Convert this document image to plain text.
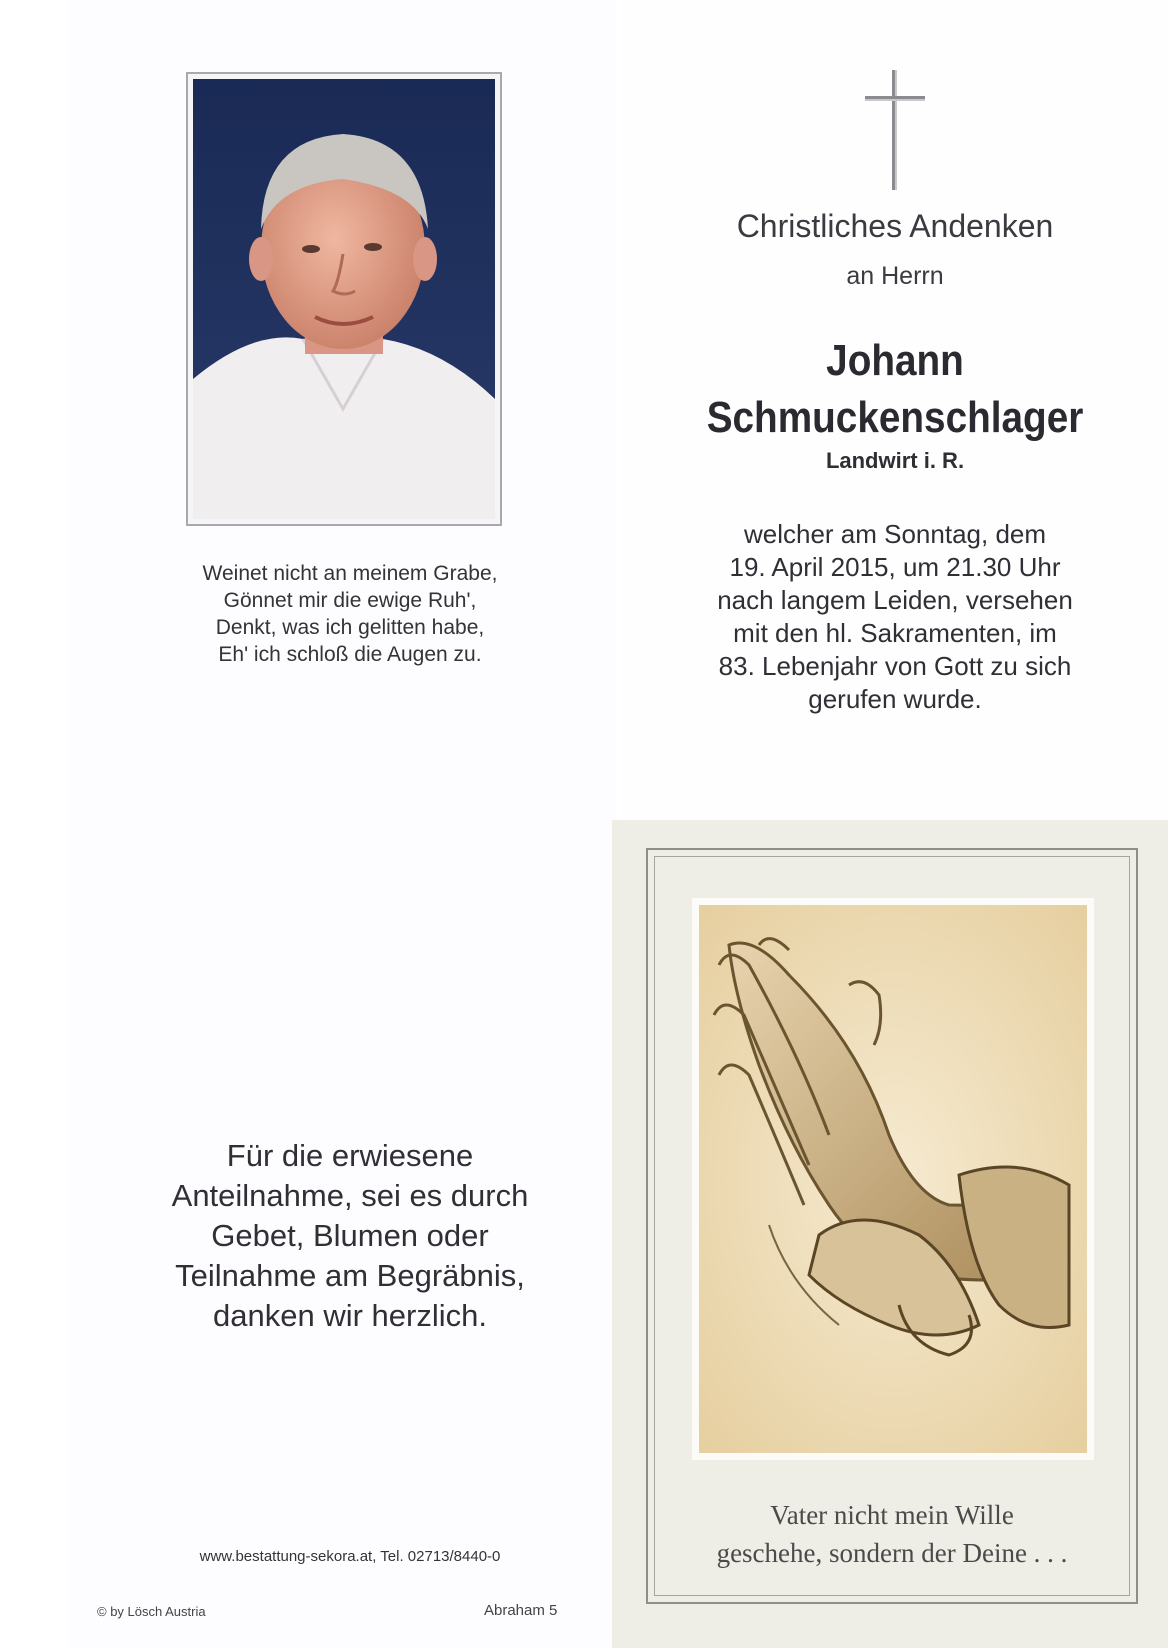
Weinet nicht an meinem Grabe,
Gönnet mir die ewige Ruh',
Denkt, was ich gelitten habe,
Eh' ich schloß die Augen zu.
Christliches Andenken
an Herrn
Johann
Schmuckenschlager
Landwirt i. R.
welcher am Sonntag, dem
19. April 2015, um 21.30 Uhr
nach langem Leiden, versehen
mit den hl. Sakramenten, im
83. Lebenjahr von Gott zu sich
gerufen wurde.
Für die erwiesene
Anteilnahme, sei es durch
Gebet, Blumen oder
Teilnahme am Begräbnis,
danken wir herzlich.
www.bestattung-sekora.at, Tel. 02713/8440-0
© by Lösch Austria	Abraham 5
Vater nicht mein Wille
geschehe, sondern der Deine . . .
